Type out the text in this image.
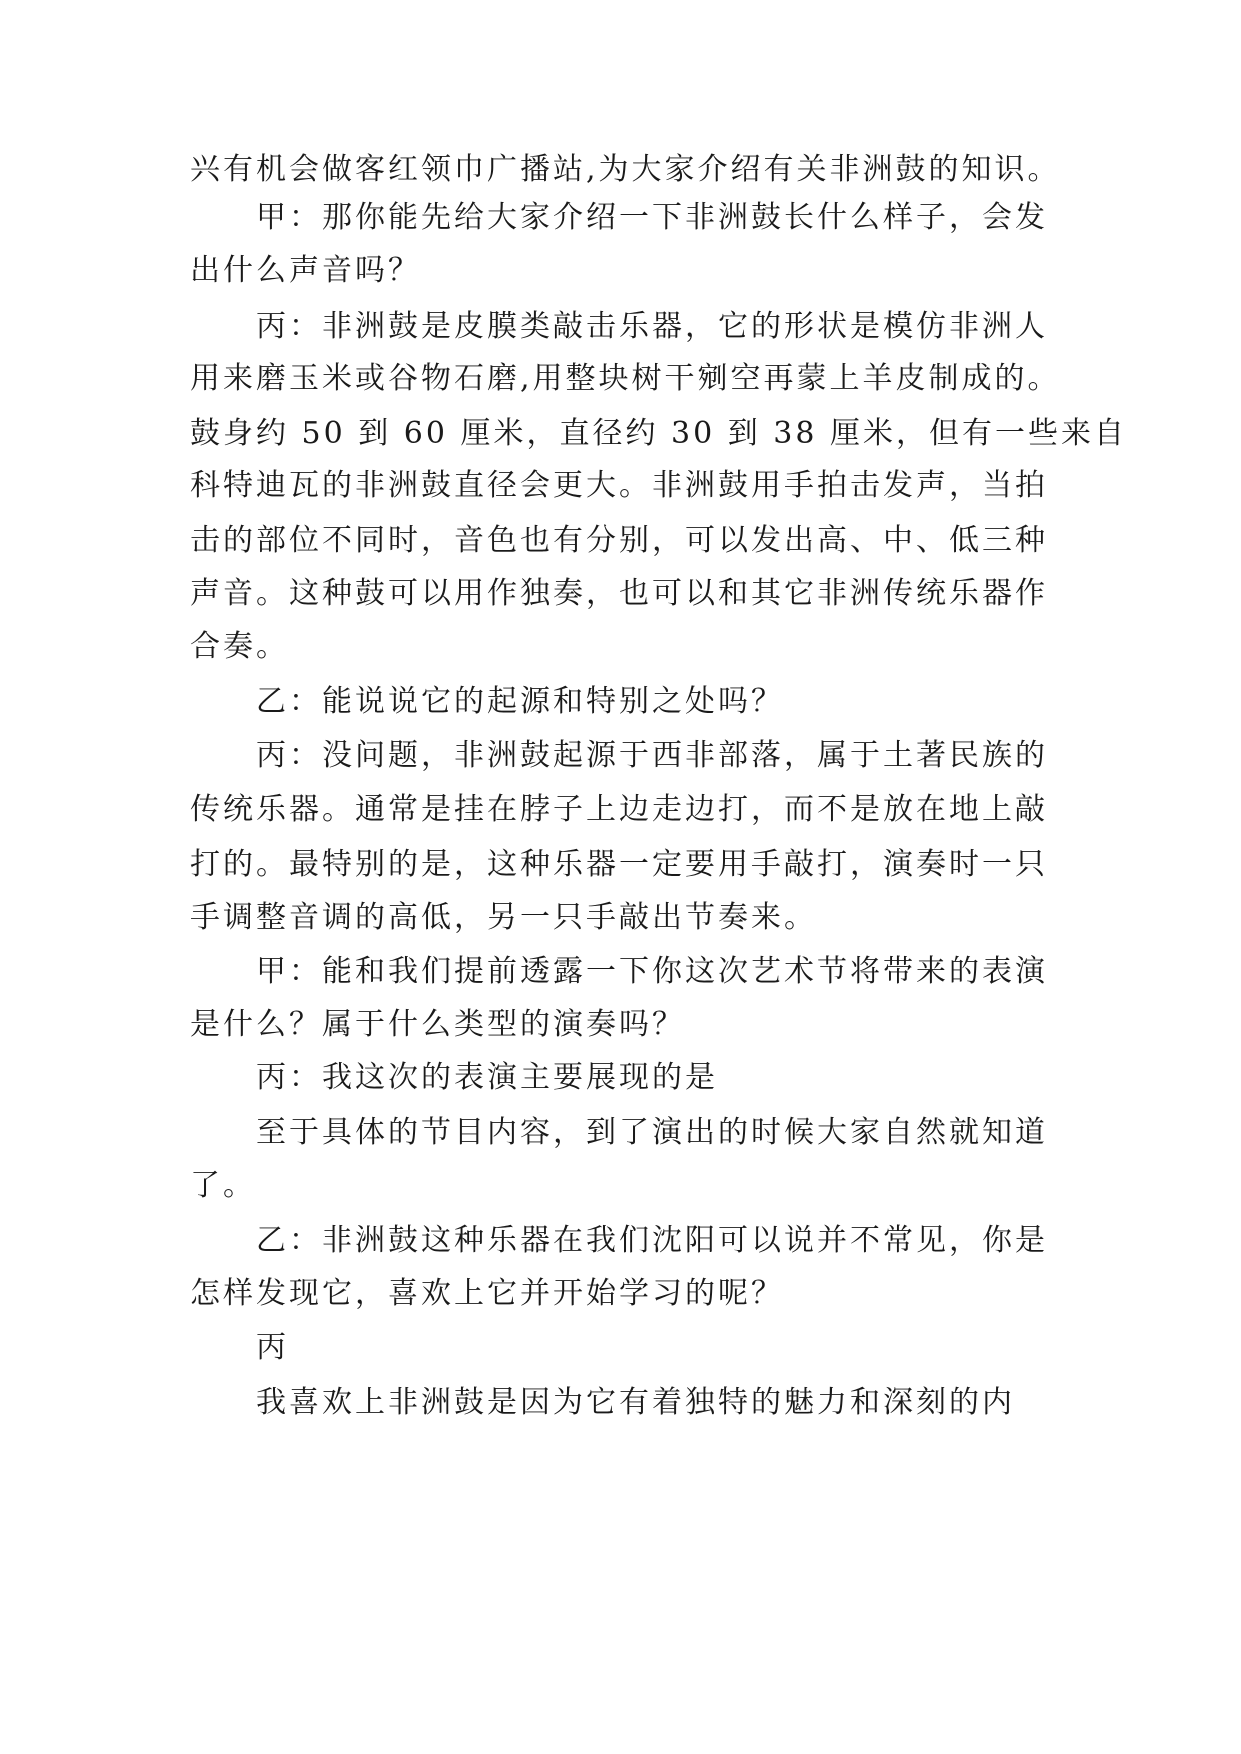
兴有机会做客红领巾广播站,为大家介绍有关非洲鼓的知识。
甲：那你能先给大家介绍一下非洲鼓长什么样子，会发
出什么声音吗？
丙：非洲鼓是皮膜类敲击乐器，它的形状是模仿非洲人
用来磨玉米或谷物石磨,用整块树干剜空再蒙上羊皮制成的。
鼓身约 50 到 60 厘米，直径约 30 到 38 厘米，但有一些来自
科特迪瓦的非洲鼓直径会更大。非洲鼓用手拍击发声，当拍
击的部位不同时，音色也有分别，可以发出高、中、低三种
声音。这种鼓可以用作独奏，也可以和其它非洲传统乐器作
合奏。
乙：能说说它的起源和特别之处吗？
丙：没问题，非洲鼓起源于西非部落，属于土著民族的
传统乐器。通常是挂在脖子上边走边打，而不是放在地上敲
打的。最特别的是，这种乐器一定要用手敲打，演奏时一只
手调整音调的高低，另一只手敲出节奏来。
甲：能和我们提前透露一下你这次艺术节将带来的表演
是什么？属于什么类型的演奏吗？
丙：我这次的表演主要展现的是
至于具体的节目内容，到了演出的时候大家自然就知道
了。
乙：非洲鼓这种乐器在我们沈阳可以说并不常见，你是
怎样发现它，喜欢上它并开始学习的呢？
丙
我喜欢上非洲鼓是因为它有着独特的魅力和深刻的内
